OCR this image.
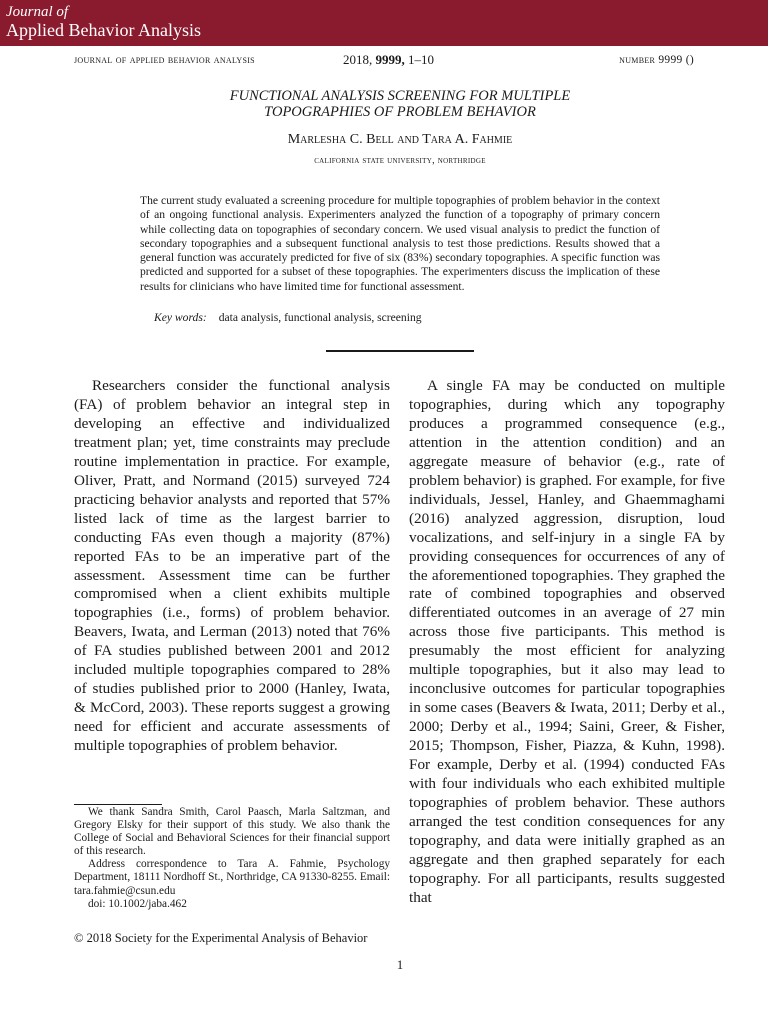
Journal of
Applied Behavior Analysis
journal of applied behavior analysis	2018, 9999, 1–10	number 9999 ()
FUNCTIONAL ANALYSIS SCREENING FOR MULTIPLE
TOPOGRAPHIES OF PROBLEM BEHAVIOR
Marlesha C. Bell and Tara A. Fahmie
california state university, northridge

The current study evaluated a screening procedure for multiple topographies of problem behavior in the context of an ongoing functional analysis. Experimenters analyzed the function of a topography of primary concern while collecting data on topographies of secondary concern. We used visual analysis to predict the function of secondary topographies and a subsequent functional analysis to test those predictions. Results showed that a general function was accurately predicted for five of six (83%) secondary topographies. A specific function was predicted and supported for a subset of these topographies. The experimenters discuss the implication of these results for clinicians who have limited time for functional assessment.

Key words: data analysis, functional analysis, screening

Researchers consider the functional analysis (FA) of problem behavior an integral step in developing an effective and individualized treatment plan; yet, time constraints may preclude routine implementation in practice. For example, Oliver, Pratt, and Normand (2015) surveyed 724 practicing behavior analysts and reported that 57% listed lack of time as the largest barrier to conducting FAs even though a majority (87%) reported FAs to be an imperative part of the assessment. Assessment time can be further compromised when a client exhibits multiple topographies (i.e., forms) of problem behavior. Beavers, Iwata, and Lerman (2013) noted that 76% of FA studies published between 2001 and 2012 included multiple topographies compared to 28% of studies published prior to 2000 (Hanley, Iwata, & McCord, 2003). These reports suggest a growing need for efficient and accurate assessments of multiple topographies of problem behavior.

A single FA may be conducted on multiple topographies, during which any topography produces a programmed consequence (e.g., attention in the attention condition) and an aggregate measure of behavior (e.g., rate of problem behavior) is graphed. For example, for five individuals, Jessel, Hanley, and Ghaemmaghami (2016) analyzed aggression, disruption, loud vocalizations, and self-injury in a single FA by providing consequences for occurrences of any of the aforementioned topographies. They graphed the rate of combined topographies and observed differentiated outcomes in an average of 27 min across those five participants. This method is presumably the most efficient for analyzing multiple topographies, but it also may lead to inconclusive outcomes for particular topographies in some cases (Beavers & Iwata, 2011; Derby et al., 2000; Derby et al., 1994; Saini, Greer, & Fisher, 2015; Thompson, Fisher, Piazza, & Kuhn, 1998). For example, Derby et al. (1994) conducted FAs with four individuals who each exhibited multiple topographies of problem behavior. These authors arranged the test condition consequences for any topography, and data were initially graphed as an aggregate and then graphed separately for each topography. For all participants, results suggested that

We thank Sandra Smith, Carol Paasch, Marla Saltzman, and Gregory Elsky for their support of this study. We also thank the College of Social and Behavioral Sciences for their financial support of this research.

Address correspondence to Tara A. Fahmie, Psychology Department, 18111 Nordhoff St., Northridge, CA 91330-8255. Email: tara.fahmie@csun.edu

doi: 10.1002/jaba.462

© 2018 Society for the Experimental Analysis of Behavior
1
